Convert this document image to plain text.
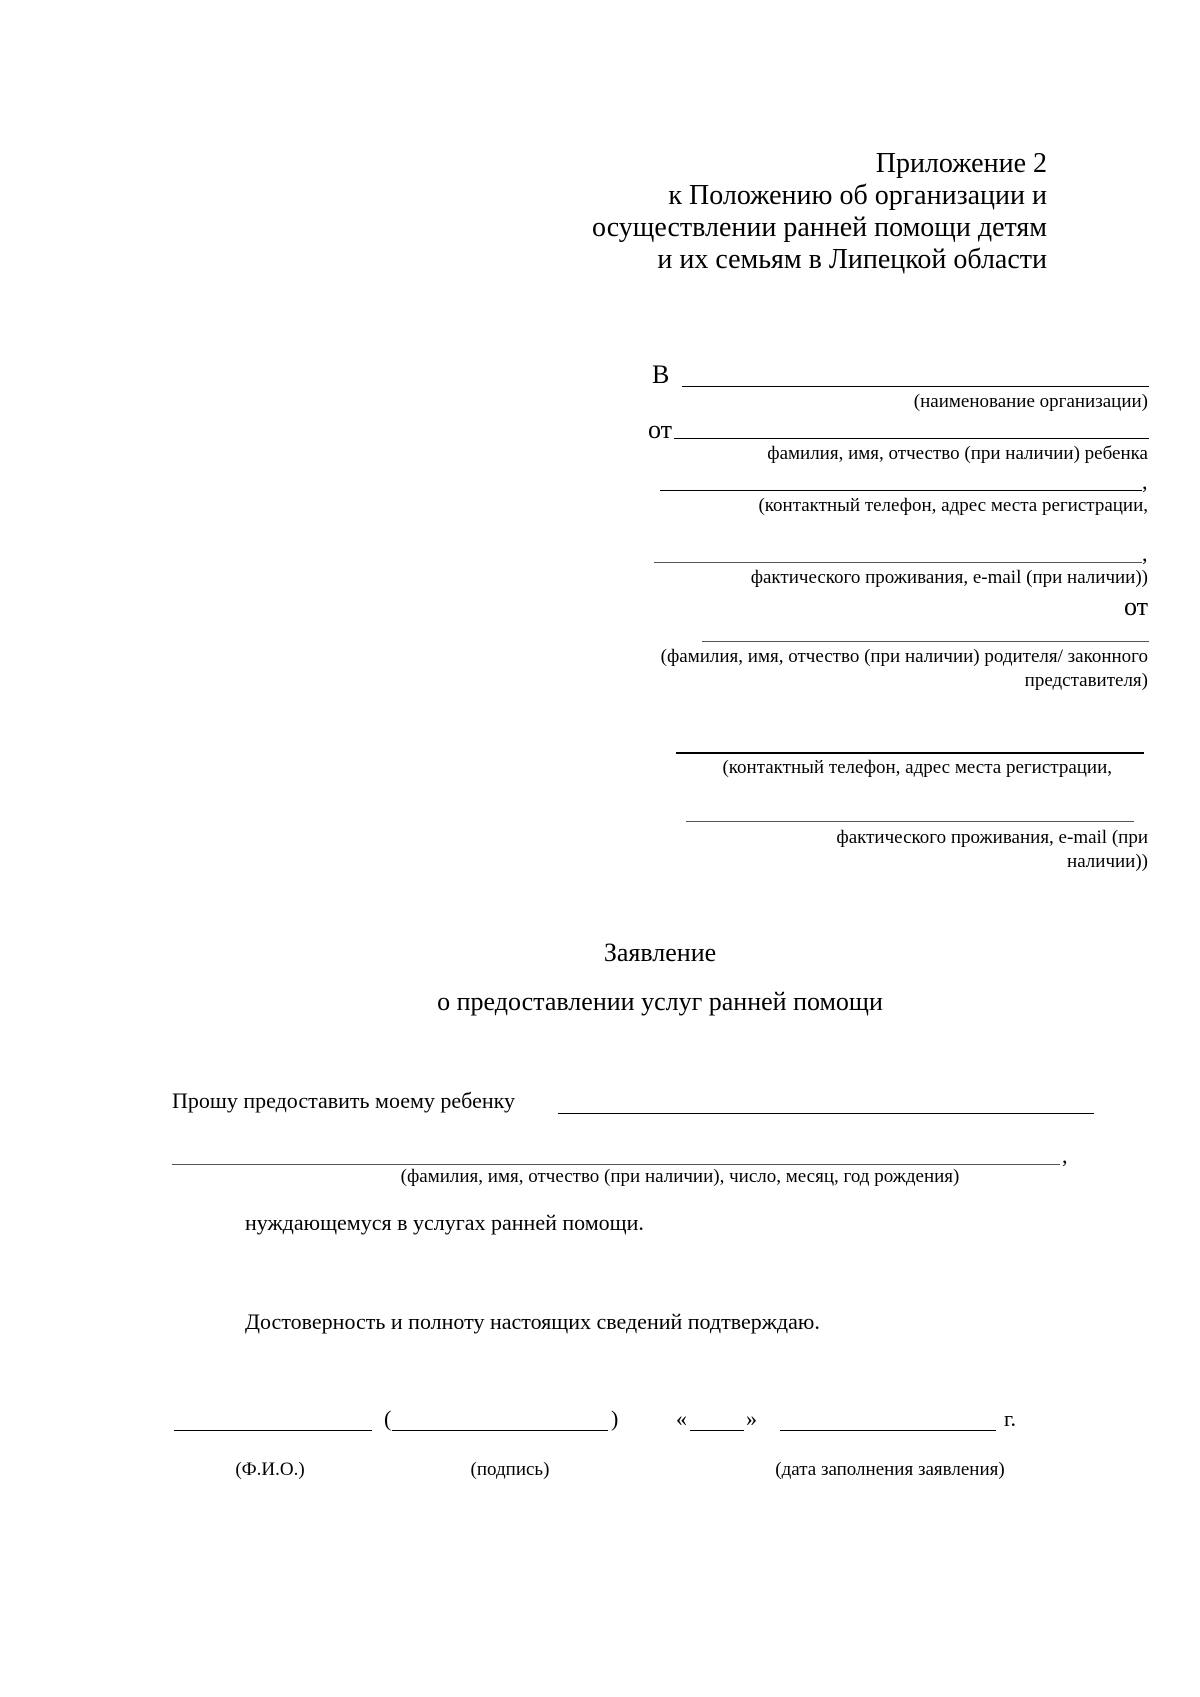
Приложение 2
к Положению об организации и
осуществлении ранней помощи детям
и их семьям в Липецкой области
В
(наименование организации)
от
фамилия, имя, отчество (при наличии) ребенка
,
(контактный телефон, адрес места регистрации,
,
фактического проживания, e-mail (при наличии))
от
(фамилия, имя, отчество (при наличии) родителя/ законного
представителя)
(контактный телефон, адрес места регистрации,
фактического проживания, e-mail (при
наличии))
Заявление
о предоставлении услуг ранней помощи
Прошу предоставить моему ребенку
,
(фамилия, имя, отчество (при наличии), число, месяц, год рождения)
нуждающемуся в услугах ранней помощи.
Достоверность и полноту настоящих сведений подтверждаю.
(	)	«	»	г.
(Ф.И.О.)	(подпись)	(дата заполнения заявления)
